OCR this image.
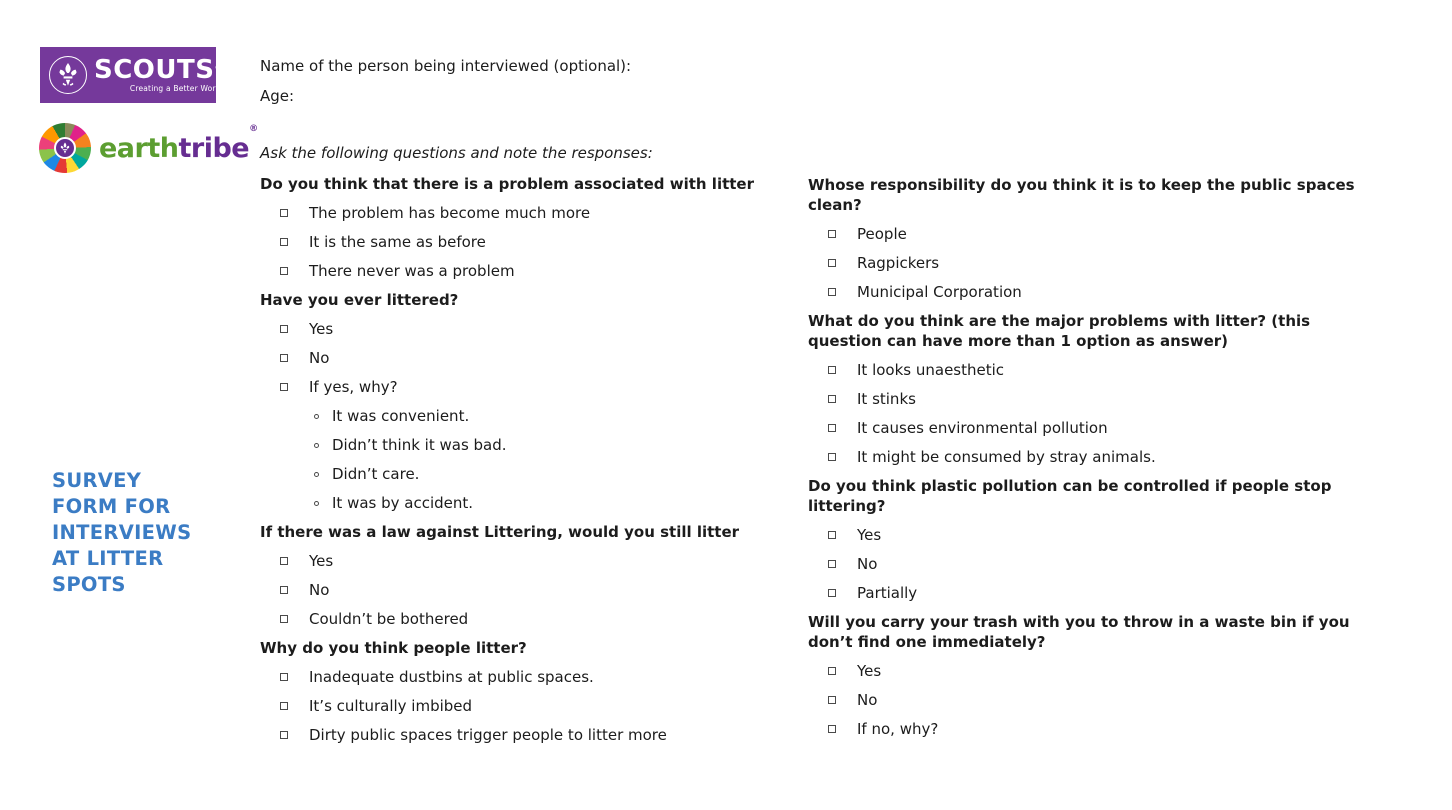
SCOUTS®
Creating a Better World
earthtribe®
SURVEY
FORM FOR
INTERVIEWS
AT LITTER
SPOTS
Name of the person being interviewed (optional):
Age:
Ask the following questions and note the responses:
Do you think that there is a problem associated with litter
The problem has become much more
It is the same as before
There never was a problem
Have you ever littered?
Yes
No
If yes, why?
It was convenient.
Didn’t think it was bad.
Didn’t care.
It was by accident.
If there was a law against Littering, would you still litter
Yes
No
Couldn’t be bothered
Why do you think people litter?
Inadequate dustbins at public spaces.
It’s culturally imbibed
Dirty public spaces trigger people to litter more
Whose responsibility do you think it is to keep the public spaces
clean?
People
Ragpickers
Municipal Corporation
What do you think are the major problems with litter? (this
question can have more than 1 option as answer)
It looks unaesthetic
It stinks
It causes environmental pollution
It might be consumed by stray animals.
Do you think plastic pollution can be controlled if people stop
littering?
Yes
No
Partially
Will you carry your trash with you to throw in a waste bin if you
don’t find one immediately?
Yes
No
If no, why?
